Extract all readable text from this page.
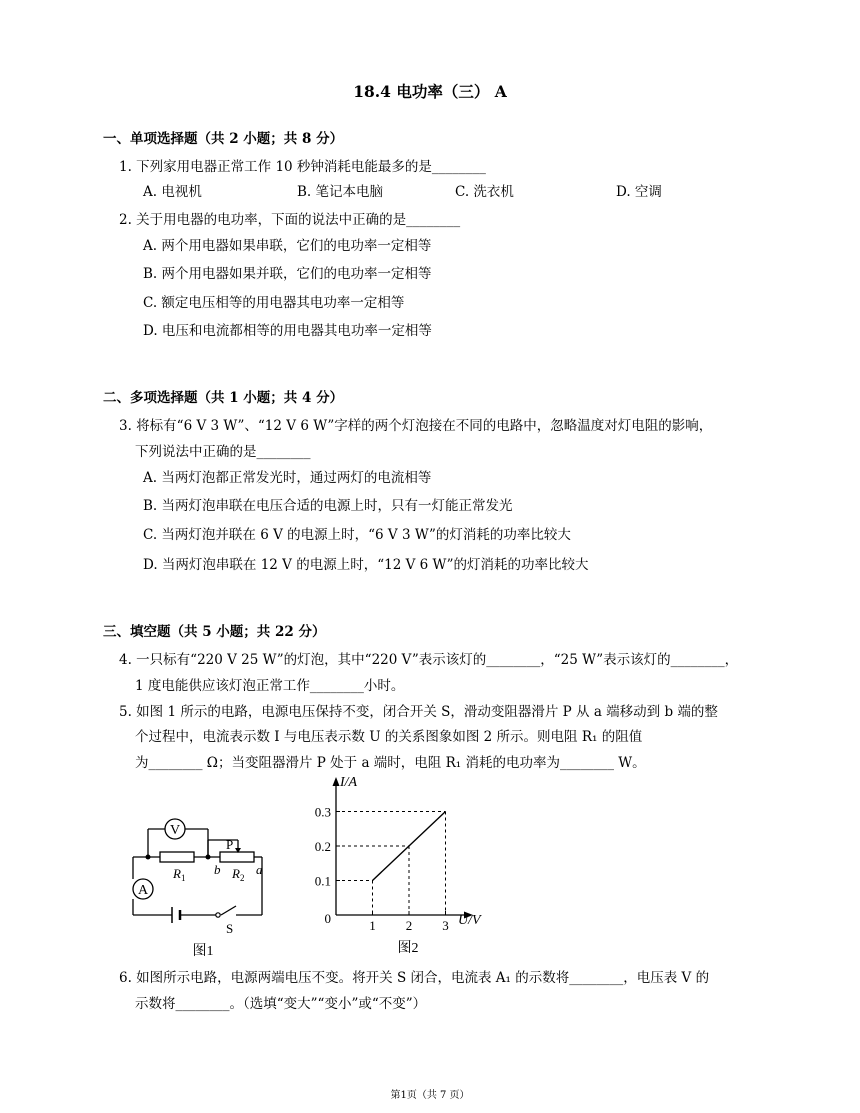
18.4 电功率（三） A
一、单项选择题（共 2 小题；共 8 分）
1. 下列家用电器正常工作 10 秒钟消耗电能最多的是________
A. 电视机	B. 笔记本电脑	C. 洗衣机	D. 空调
2. 关于用电器的电功率，下面的说法中正确的是________
A. 两个用电器如果串联，它们的电功率一定相等
B. 两个用电器如果并联，它们的电功率一定相等
C. 额定电压相等的用电器其电功率一定相等
D. 电压和电流都相等的用电器其电功率一定相等
二、多项选择题（共 1 小题；共 4 分）
3. 将标有“6 V 3 W”、“12 V 6 W”字样的两个灯泡接在不同的电路中，忽略温度对灯电阻的影响，
下列说法中正确的是________
A. 当两灯泡都正常发光时，通过两灯的电流相等
B. 当两灯泡串联在电压合适的电源上时，只有一灯能正常发光
C. 当两灯泡并联在 6 V 的电源上时，“6 V 3 W”的灯消耗的功率比较大
D. 当两灯泡串联在 12 V 的电源上时，“12 V 6 W”的灯消耗的功率比较大
三、填空题（共 5 小题；共 22 分）
4. 一只标有“220 V 25 W”的灯泡，其中“220 V”表示该灯的________，“25 W”表示该灯的________，
1 度电能供应该灯泡正常工作________小时。
5. 如图 1 所示的电路，电源电压保持不变，闭合开关 S，滑动变阻器滑片 P 从 a 端移动到 b 端的整
个过程中，电流表示数 I 与电压表示数 U 的关系图象如图 2 所示。则电阻 R₁ 的阻值
为________ Ω；当变阻器滑片 P 处于 a 端时，电阻 R₁ 消耗的电功率为________ W。
V
A
P
$R_1$
b $R_2$
a
S
图1
1 2 3
0.1
0.2
0.3
I/A
U/V
0
图2
6. 如图所示电路，电源两端电压不变。将开关 S 闭合，电流表 A₁ 的示数将________，电压表 V 的
示数将________。（选填“变大”“变小”或“不变”）
第1页（共 7 页）
